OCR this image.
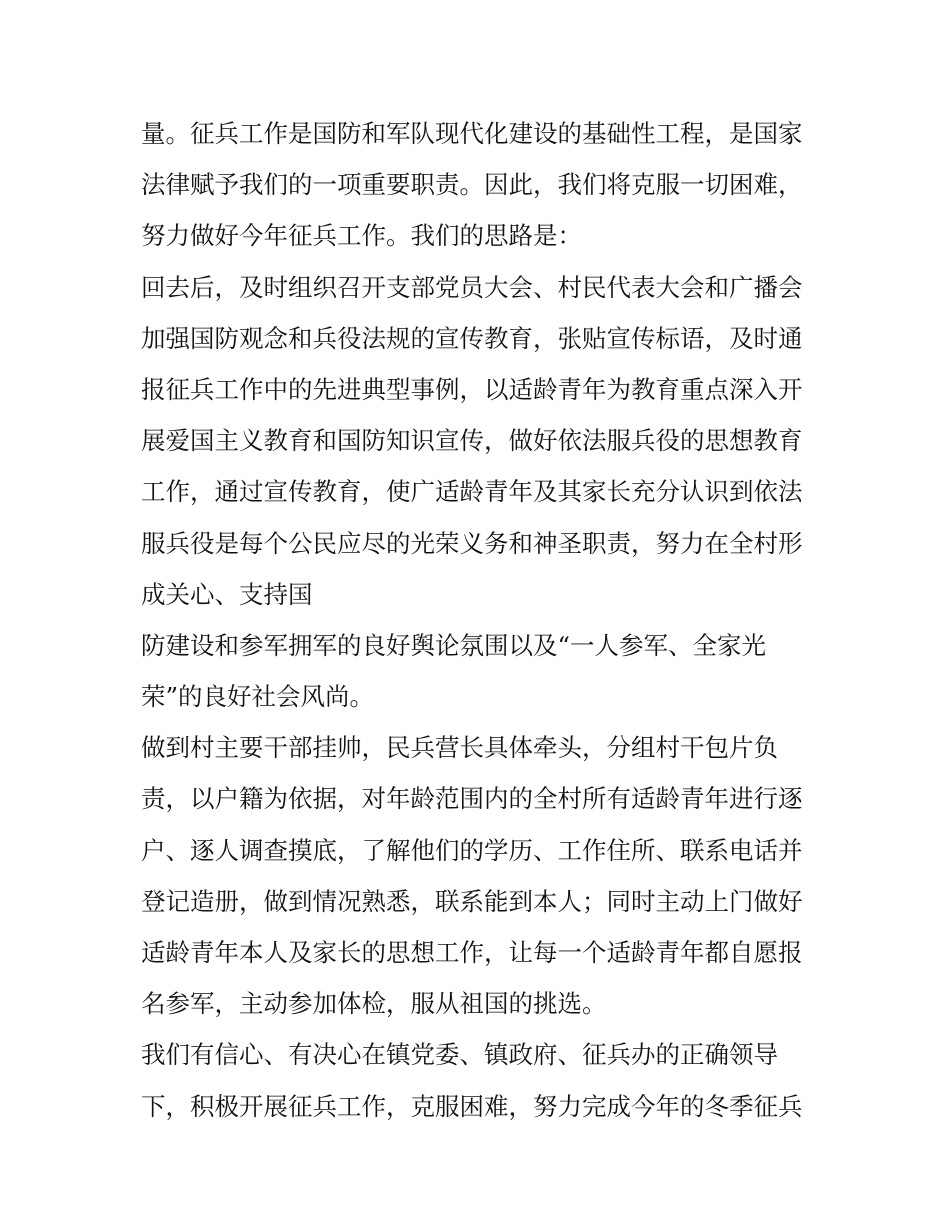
量。征兵工作是国防和军队现代化建设的基础性工程，是国家
法律赋予我们的一项重要职责。因此，我们将克服一切困难，
努力做好今年征兵工作。我们的思路是：
回去后，及时组织召开支部党员大会、村民代表大会和广播会
加强国防观念和兵役法规的宣传教育，张贴宣传标语，及时通
报征兵工作中的先进典型事例，以适龄青年为教育重点深入开
展爱国主义教育和国防知识宣传，做好依法服兵役的思想教育
工作，通过宣传教育，使广适龄青年及其家长充分认识到依法
服兵役是每个公民应尽的光荣义务和神圣职责，努力在全村形
成关心、支持国
防建设和参军拥军的良好舆论氛围以及“一人参军、全家光
荣”的良好社会风尚。
做到村主要干部挂帅，民兵营长具体牵头，分组村干包片负
责，以户籍为依据，对年龄范围内的全村所有适龄青年进行逐
户、逐人调查摸底，了解他们的学历、工作住所、联系电话并
登记造册，做到情况熟悉，联系能到本人；同时主动上门做好
适龄青年本人及家长的思想工作，让每一个适龄青年都自愿报
名参军，主动参加体检，服从祖国的挑选。
我们有信心、有决心在镇党委、镇政府、征兵办的正确领导
下，积极开展征兵工作，克服困难，努力完成今年的冬季征兵
